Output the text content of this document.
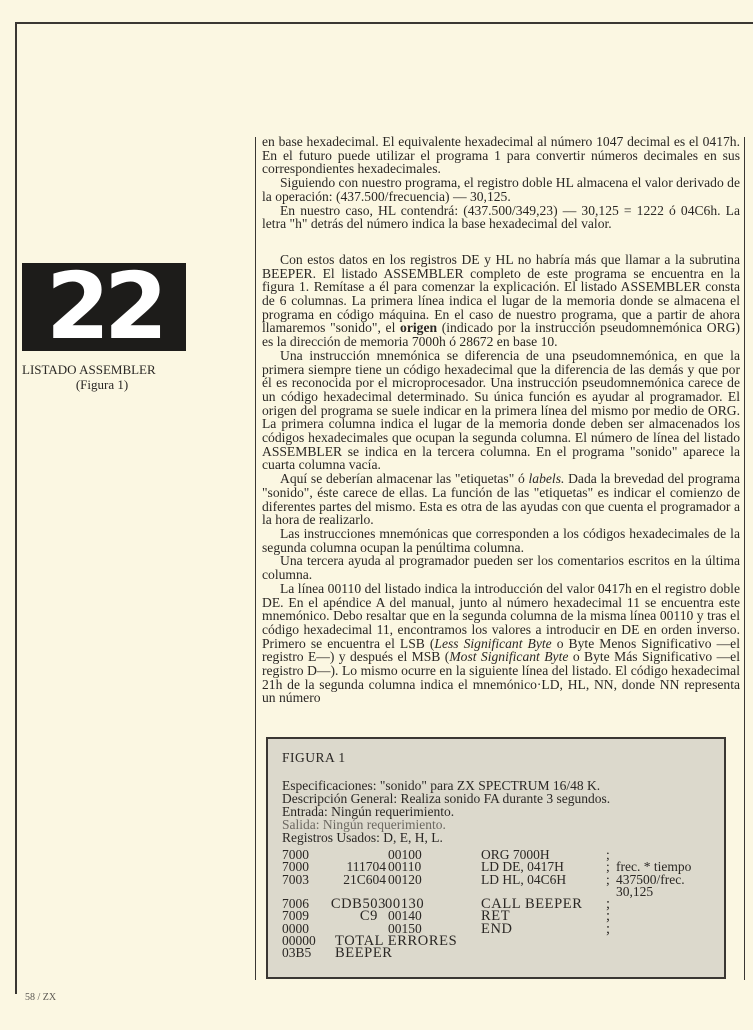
22
LISTADO ASSEMBLER
(Figura 1)

en base hexadecimal. El equivalente hexadecimal al número 1047 decimal es el 0417h. En el futuro puede utilizar el programa 1 para convertir números decimales en sus correspondientes hexadecimales.

Siguiendo con nuestro programa, el registro doble HL almacena el valor derivado de la operación: (437.500/frecuencia) — 30,125.

En nuestro caso, HL contendrá: (437.500/349,23) — 30,125 = 1222 ó 04C6h. La letra "h" detrás del número indica la base hexadecimal del valor.

Con estos datos en los registros DE y HL no habría más que llamar a la subrutina BEEPER. El listado ASSEMBLER completo de este programa se encuentra en la figura 1. Remítase a él para comenzar la explicación. El listado ASSEMBLER consta de 6 columnas. La primera línea indica el lugar de la memoria donde se almacena el programa en código máquina. En el caso de nuestro programa, que a partir de ahora llamaremos "sonido", el origen (indicado por la instrucción pseudomnemónica ORG) es la dirección de memoria 7000h ó 28672 en base 10.

Una instrucción mnemónica se diferencia de una pseudomnemónica, en que la primera siempre tiene un código hexadecimal que la diferencia de las demás y que por él es reconocida por el microprocesador. Una instrucción pseudomnemónica carece de un código hexadecimal determinado. Su única función es ayudar al programador. El origen del programa se suele indicar en la primera línea del mismo por medio de ORG. La primera columna indica el lugar de la memoria donde deben ser almacenados los códigos hexadecimales que ocupan la segunda columna. El número de línea del listado ASSEMBLER se indica en la tercera columna. En el programa "sonido" aparece la cuarta columna vacía.

Aquí se deberían almacenar las "etiquetas" ó labels. Dada la brevedad del programa "sonido", éste carece de ellas. La función de las "etiquetas" es indicar el comienzo de diferentes partes del mismo. Esta es otra de las ayudas con que cuenta el programador a la hora de realizarlo.

Las instrucciones mnemónicas que corresponden a los códigos hexadecimales de la segunda columna ocupan la penúltima columna.

Una tercera ayuda al programador pueden ser los comentarios escritos en la última columna.

La línea 00110 del listado indica la introducción del valor 0417h en el registro doble DE. En el apéndice A del manual, junto al número hexadecimal 11 se encuentra este mnemónico. Debo resaltar que en la segunda columna de la misma línea 00110 y tras el código hexadecimal 11, encontramos los valores a introducir en DE en orden inverso. Primero se encuentra el LSB (Less Significant Byte o Byte Menos Significativo —el registro E—) y después el MSB (Most Significant Byte o Byte Más Significativo —el registro D—). Lo mismo ocurre en la siguiente línea del listado. El código hexadecimal 21h de la segunda columna indica el mnemónico·LD, HL, NN, donde NN representa un número

FIGURA 1
Especificaciones: "sonido" para ZX SPECTRUM 16/48 K.
Descripción General: Realiza sonido FA durante 3 segundos.
Entrada: Ningún requerimiento.
Salida: Ningún requerimiento.
Registros Usados: D, E, H, L.
7000	00100	ORG 7000H	;
7000	111704 00110	LD DE, 0417H	; frec. * tiempo
7003	21C604 00120	LD HL, 04C6H	; 437500/frec.
30,125
7006	CDB503 00130	CALL BEEPER ;
7009	C9 00140	RET	;
0000	00150	END	;
00000 TOTAL ERRORES
03B5 BEEPER
58 / ZX
